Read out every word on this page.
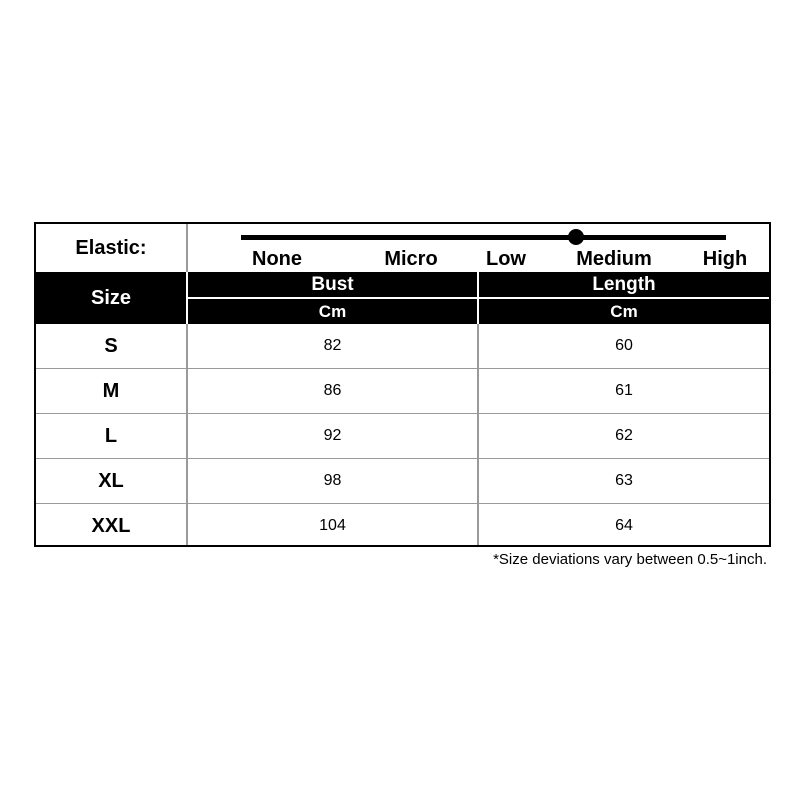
Elastic:
None	Micro Low	Medium	High
Size
Bust
Cm
Length
Cm
S	82	60
M	86	61
L	92	62
XL	98	63
XXL	104	64
*Size deviations vary between 0.5~1inch.
